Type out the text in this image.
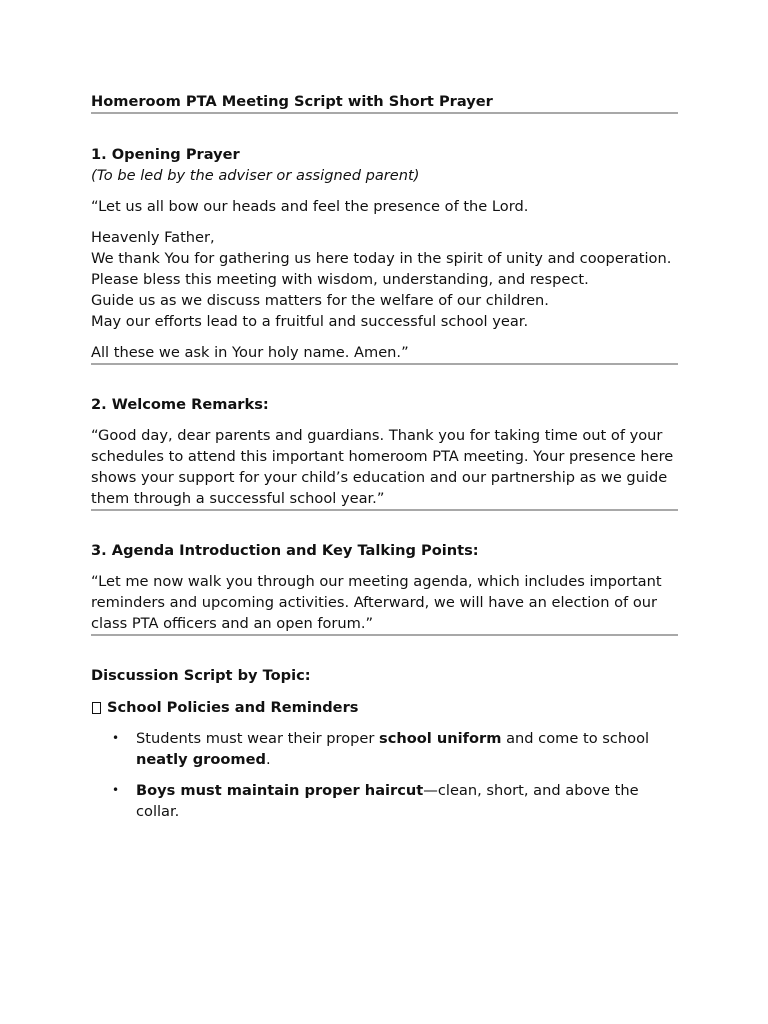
Homeroom PTA Meeting Script with Short Prayer
1. Opening Prayer
(To be led by the adviser or assigned parent)

“Let us all bow our heads and feel the presence of the Lord.

Heavenly Father,
We thank You for gathering us here today in the spirit of unity and cooperation.
Please bless this meeting with wisdom, understanding, and respect.
Guide us as we discuss matters for the welfare of our children.
May our efforts lead to a fruitful and successful school year.

All these we ask in Your holy name. Amen.”

2. Welcome Remarks:

“Good day, dear parents and guardians. Thank you for taking time out of your schedules to attend this important homeroom PTA meeting. Your presence here shows your support for your child’s education and our partnership as we guide them through a successful school year.”

3. Agenda Introduction and Key Talking Points:

“Let me now walk you through our meeting agenda, which includes important reminders and upcoming activities. Afterward, we will have an election of our class PTA officers and an open forum.”

Discussion Script by Topic:
School Policies and Reminders
• Students must wear their proper school uniform and come to school neatly groomed.
• Boys must maintain proper haircut—clean, short, and above the collar.
